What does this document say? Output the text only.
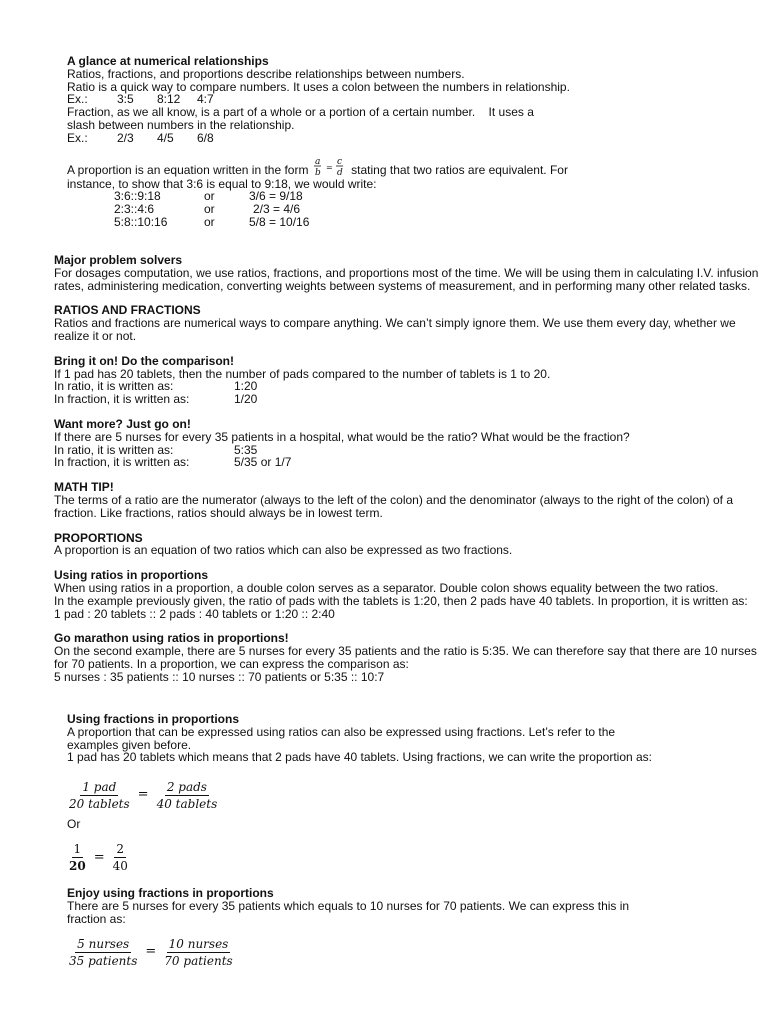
A glance at numerical relationships

Ratios, fractions, and proportions describe relationships between numbers.

Ratio is a quick way to compare numbers. It uses a colon between the numbers in relationship.

Ex.: 3:5 8:12 4:7

Fraction, as we all know, is a part of a whole or a portion of a certain number.    It uses a

slash between numbers in the relationship.

Ex.: 2/3 4/5 6/8

A proportion is an equation written in the form
a
b
=
c
d stating that two ratios are equivalent. For

instance, to show that 3:6 is equal to 9:18, we would write:

3:6::9:18	or	3/6 = 9/18
2:3::4:6	or	2/3 = 4/6
5:8::10:16	or	5/8 = 10/16
Major problem solvers

For dosages computation, we use ratios, fractions, and proportions most of the time. We will be using them in calculating I.V. infusion rates, administering medication, converting weights between systems of measurement, and in performing many other related tasks.

RATIOS AND FRACTIONS

Ratios and fractions are numerical ways to compare anything. We can’t simply ignore them. We use them every day, whether we realize it or not.

Bring it on! Do the comparison!

If 1 pad has 20 tablets, then the number of pads compared to the number of tablets is 1 to 20.

In ratio, it is written as:	1:20
In fraction, it is written as:	1/20
Want more? Just go on!

If there are 5 nurses for every 35 patients in a hospital, what would be the ratio? What would be the fraction?

In ratio, it is written as:	5:35
In fraction, it is written as:	5/35 or 1/7
MATH TIP!

The terms of a ratio are the numerator (always to the left of the colon) and the denominator (always to the right of the colon) of a fraction. Like fractions, ratios should always be in lowest term.

PROPORTIONS

A proportion is an equation of two ratios which can also be expressed as two fractions.

Using ratios in proportions

When using ratios in a proportion, a double colon serves as a separator. Double colon shows equality between the two ratios.

In the example previously given, the ratio of pads with the tablets is 1:20, then 2 pads have 40 tablets. In proportion, it is written as:

1 pad : 20 tablets :: 2 pads : 40 tablets or 1:20 :: 2:40

Go marathon using ratios in proportions!

On the second example, there are 5 nurses for every 35 patients and the ratio is 5:35. We can therefore say that there are 10 nurses for 70 patients. In a proportion, we can express the comparison as:

5 nurses : 35 patients :: 10 nurses :: 70 patients or 5:35 :: 10:7

Using fractions in proportions

A proportion that can be expressed using ratios can also be expressed using fractions. Let’s refer to the examples given before.

1 pad has 20 tablets which means that 2 pads have 40 tablets. Using fractions, we can write the proportion as:

$\frac{\text{1 pad}}{\text{20 tablets}} = \frac{\text{2 pads}}{\text{40 tablets}}$

Or

$\frac{1}{20} = \frac{2}{40}$
Enjoy using fractions in proportions

There are 5 nurses for every 35 patients which equals to 10 nurses for 70 patients. We can express this in fraction as:

$\frac{\text{5 nurses}}{\text{35 patients}} = \frac{\text{10 nurses}}{\text{70 patients}}$
